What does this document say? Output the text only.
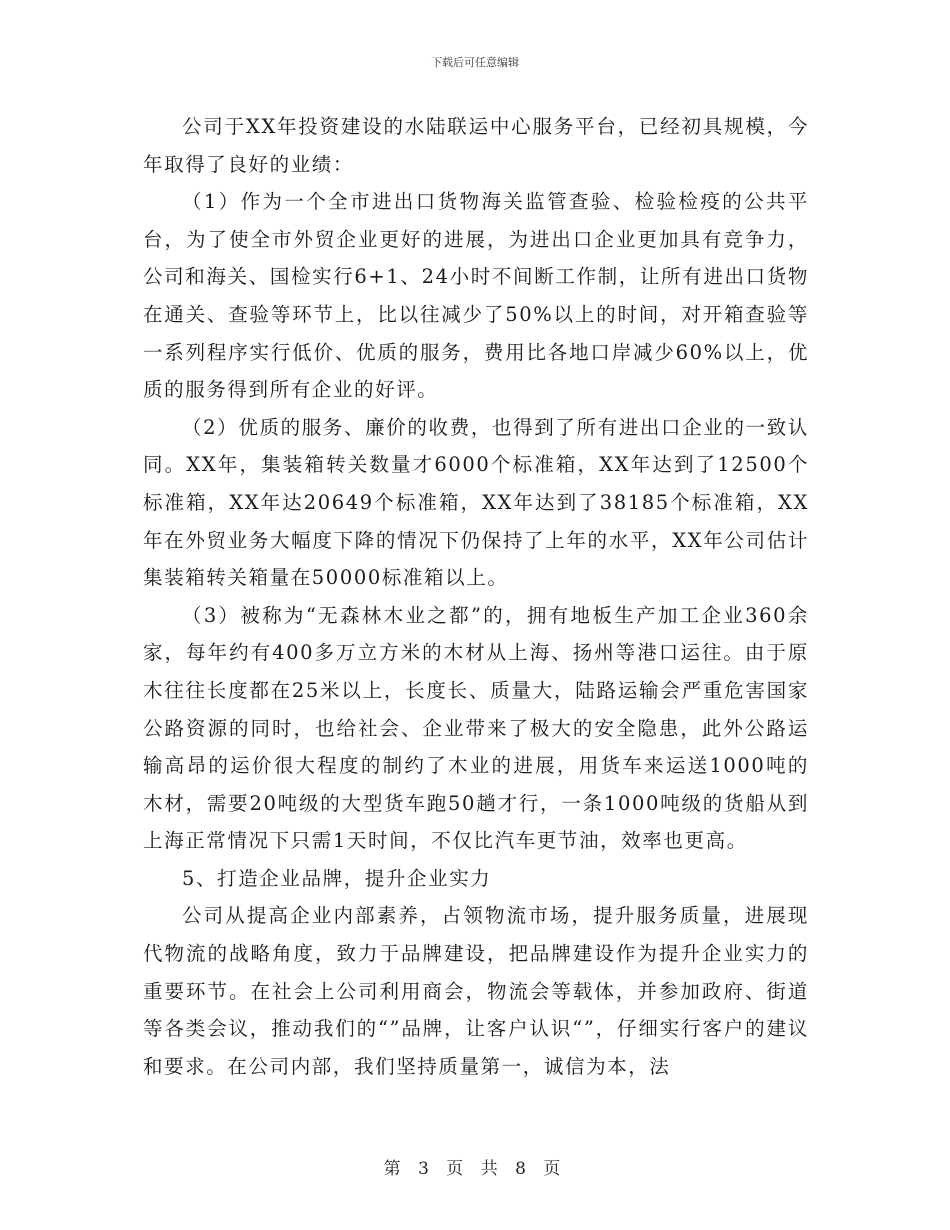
下载后可任意编辑

公司于XX年投资建设的水陆联运中心服务平台，已经初具规模，今年取得了良好的业绩：

（1）作为一个全市进出口货物海关监管查验、检验检疫的公共平台，为了使全市外贸企业更好的进展，为进出口企业更加具有竞争力，公司和海关、国检实行6+1、24小时不间断工作制，让所有进出口货物在通关、查验等环节上，比以往减少了50%以上的时间，对开箱查验等一系列程序实行低价、优质的服务，费用比各地口岸减少60%以上，优质的服务得到所有企业的好评。

（2）优质的服务、廉价的收费，也得到了所有进出口企业的一致认同。XX年，集装箱转关数量才6000个标准箱，XX年达到了12500个标准箱，XX年达20649个标准箱，XX年达到了38185个标准箱，XX年在外贸业务大幅度下降的情况下仍保持了上年的水平，XX年公司估计集装箱转关箱量在50000标准箱以上。

（3）被称为“无森林木业之都”的，拥有地板生产加工企业360余家，每年约有400多万立方米的木材从上海、扬州等港口运往。由于原木往往长度都在25米以上，长度长、质量大，陆路运输会严重危害国家公路资源的同时，也给社会、企业带来了极大的安全隐患，此外公路运输高昂的运价很大程度的制约了木业的进展，用货车来运送1000吨的木材，需要20吨级的大型货车跑50趟才行，一条1000吨级的货船从到上海正常情况下只需1天时间，不仅比汽车更节油，效率也更高。

5、打造企业品牌，提升企业实力

公司从提高企业内部素养，占领物流市场，提升服务质量，进展现代物流的战略角度，致力于品牌建设，把品牌建设作为提升企业实力的重要环节。在社会上公司利用商会，物流会等载体，并参加政府、街道等各类会议，推动我们的“”品牌，让客户认识“”，仔细实行客户的建议和要求。在公司内部，我们坚持质量第一，诚信为本，法

第 3 页 共 8 页
